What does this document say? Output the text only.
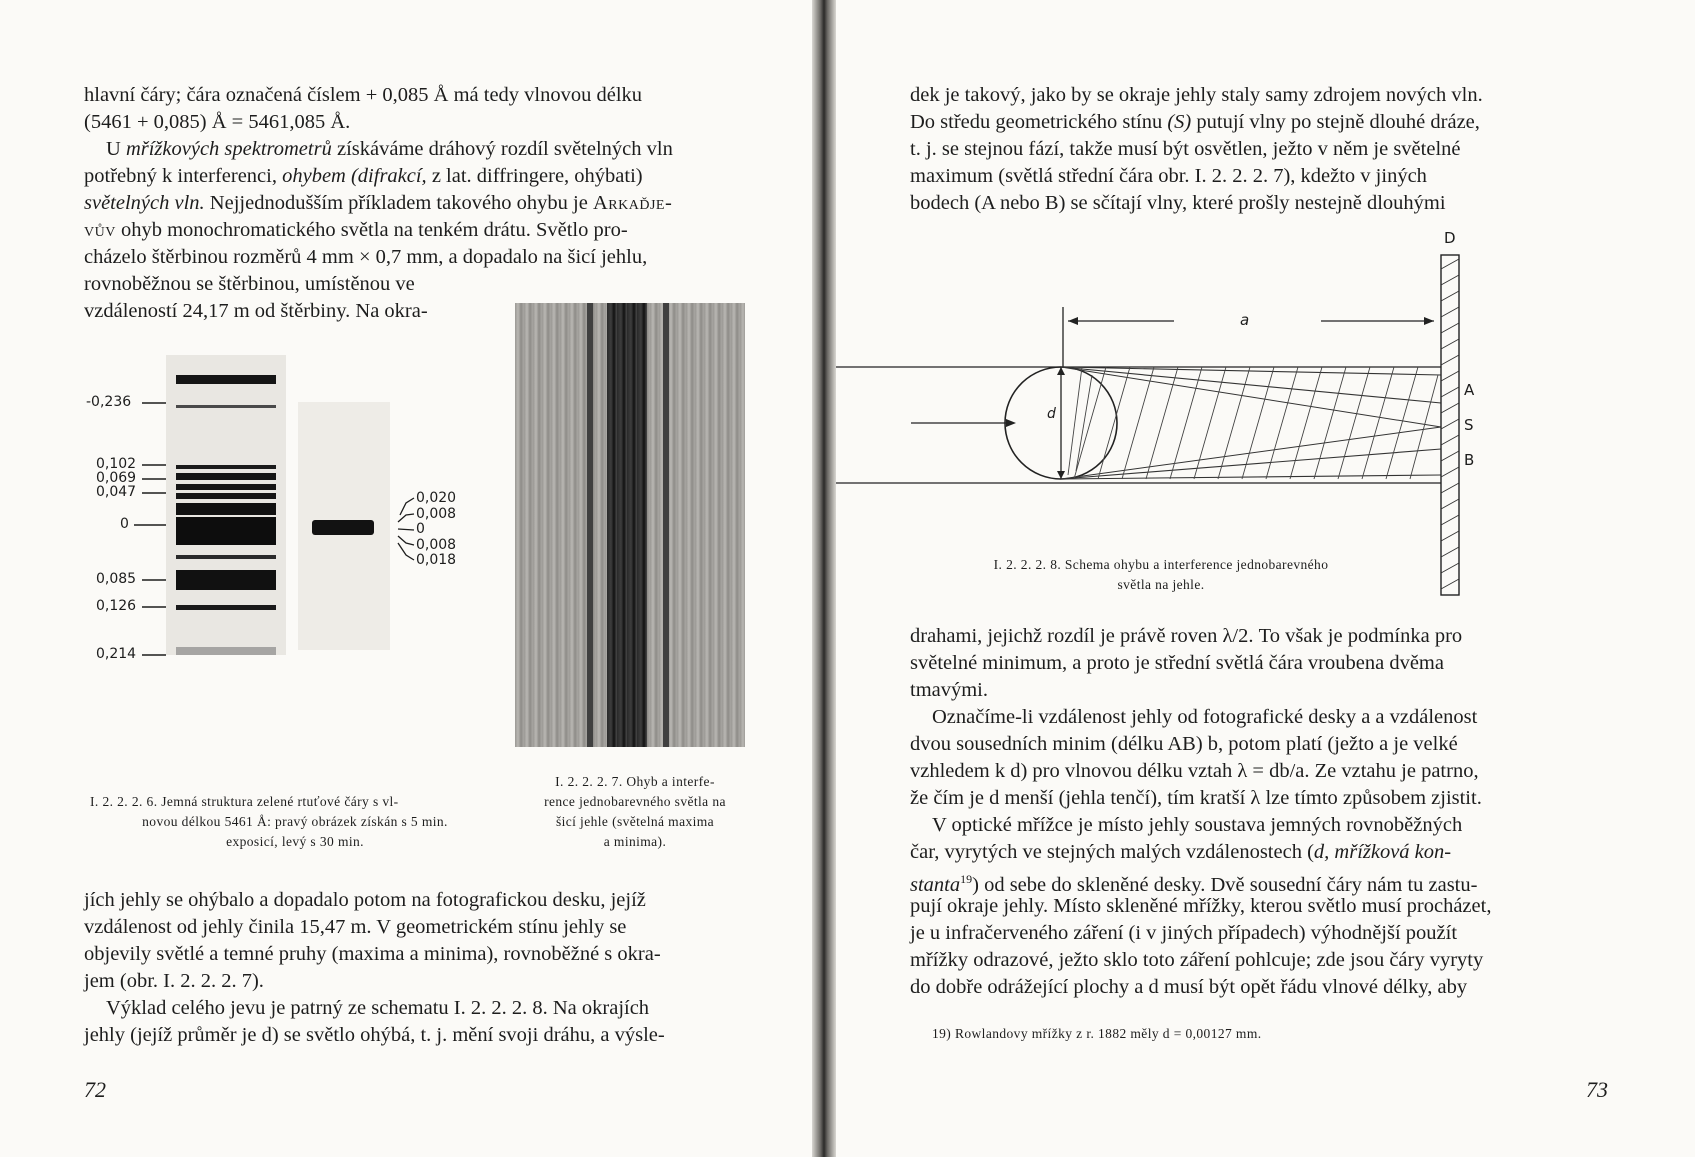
hlavní čáry; čára označená číslem + 0,085 Å má tedy vlnovou délku

(5461 + 0,085) Å = 5461,085 Å.

U mřížkových spektrometrů získáváme dráhový rozdíl světelných vln

potřebný k interferenci, ohybem (difrakcí, z lat. diffringere, ohýbati)

světelných vln. Nejjednodušším příkladem takového ohybu je Arkaďje-

vův ohyb monochromatického světla na tenkém drátu. Světlo pro-

cházelo štěrbinou rozměrů 4 mm × 0,7 mm, a dopadalo na šicí jehlu,

rovnoběžnou se štěrbinou, umístěnou ve

vzdáleností 24,17 m od štěrbiny. Na okra-

-0,236
0,102
0,069
0,047
0
0,085
0,126
0,214
0,020
0,008
0
0,008
0,018
I. 2. 2. 2. 6. Jemná struktura zelené rtuťové čáry s vl-
novou délkou 5461 Å: pravý obrázek získán s 5 min.
exposicí, levý s 30 min.
I. 2. 2. 2. 7. Ohyb a interfe-
rence jednobarevného světla na
šicí jehle (světelná maxima
a minima).

jích jehly se ohýbalo a dopadalo potom na fotografickou desku, jejíž

vzdálenost od jehly činila 15,47 m. V geometrickém stínu jehly se

objevily světlé a temné pruhy (maxima a minima), rovnoběžné s okra-

jem (obr. I. 2. 2. 2. 7).

Výklad celého jevu je patrný ze schematu I. 2. 2. 2. 8. Na okrajích

jehly (jejíž průměr je d) se světlo ohýbá, t. j. mění svoji dráhu, a výsle-

72

dek je takový, jako by se okraje jehly staly samy zdrojem nových vln.

Do středu geometrického stínu (S) putují vlny po stejně dlouhé dráze,

t. j. se stejnou fází, takže musí být osvětlen, ježto v něm je světelné

maximum (světlá střední čára obr. I. 2. 2. 2. 7), kdežto v jiných

bodech (A nebo B) se sčítají vlny, které prošly nestejně dlouhými

D
a
A
S
B
d
I. 2. 2. 2. 8. Schema ohybu a interference jednobarevného
světla na jehle.

drahami, jejichž rozdíl je právě roven λ/2. To však je podmínka pro

světelné minimum, a proto je střední světlá čára vroubena dvěma

tmavými.

Označíme-li vzdálenost jehly od fotografické desky a a vzdálenost

dvou sousedních minim (délku AB) b, potom platí (ježto a je velké

vzhledem k d) pro vlnovou délku vztah λ = db/a. Ze vztahu je patrno,

že čím je d menší (jehla tenčí), tím kratší λ lze tímto způsobem zjistit.

V optické mřížce je místo jehly soustava jemných rovnoběžných

čar, vyrytých ve stejných malých vzdálenostech (d, mřížková kon-

stanta$^{19}$) od sebe do skleněné desky. Dvě sousední čáry nám tu zastu-

pují okraje jehly. Místo skleněné mřížky, kterou světlo musí procházet,

je u infračerveného záření (i v jiných případech) výhodnější použít

mřížky odrazové, ježto sklo toto záření pohlcuje; zde jsou čáry vyryty

do dobře odrážející plochy a d musí být opět řádu vlnové délky, aby

19) Rowlandovy mřížky z r. 1882 měly d = 0,00127 mm.

73
